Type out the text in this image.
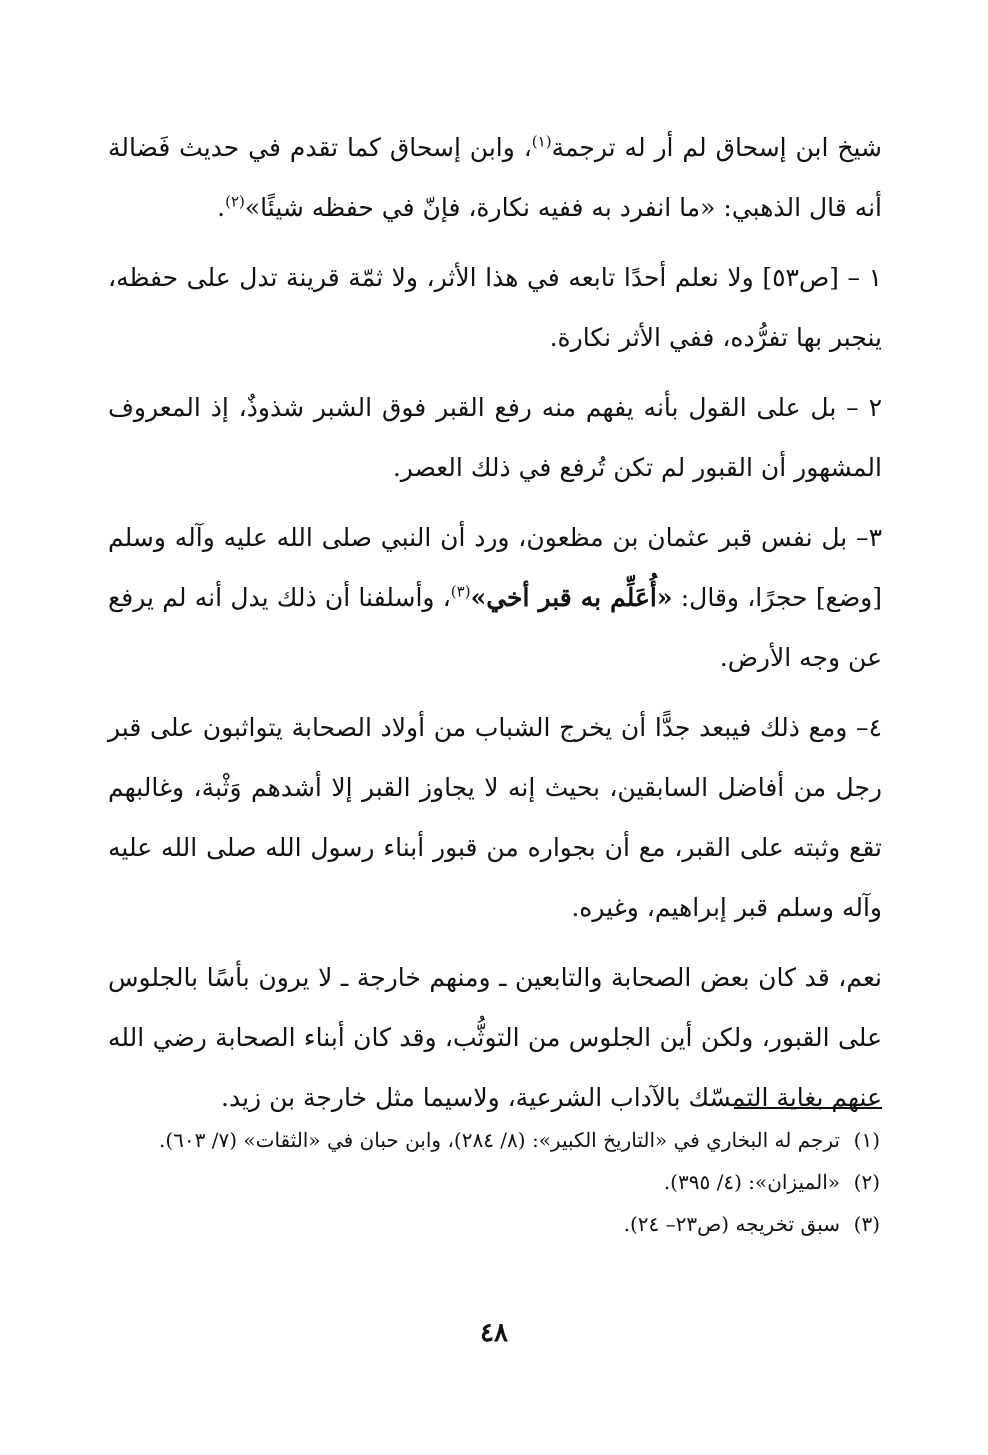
شيخ ابن إسحاق لم أر له ترجمة$^{(١)}$، وابن إسحاق كما تقدم في حديث فَضالة أنه قال الذهبي: «ما انفرد به ففيه نكارة، فإنّ في حفظه شيئًا»$^{(٢)}$.

١ – [ص٥٣] ولا نعلم أحدًا تابعه في هذا الأثر، ولا ثمّة قرينة تدل على حفظه، ينجبر بها تفرُّده، ففي الأثر نكارة.

٢ – بل على القول بأنه يفهم منه رفع القبر فوق الشبر شذوذٌ، إذ المعروف المشهور أن القبور لم تكن تُرفع في ذلك العصر.

٣– بل نفس قبر عثمان بن مظعون، ورد أن النبي صلى الله عليه وآله وسلم [وضع] حجرًا، وقال: «أُعَلِّم به قبر أخي»$^{(٣)}$، وأسلفنا أن ذلك يدل أنه لم يرفع عن وجه الأرض.

٤– ومع ذلك فيبعد جدًّا أن يخرج الشباب من أولاد الصحابة يتواثبون على قبر رجل من أفاضل السابقين، بحيث إنه لا يجاوز القبر إلا أشدهم وَثْبة، وغالبهم تقع وثبته على القبر، مع أن بجواره من قبور أبناء رسول الله صلى الله عليه وآله وسلم قبر إبراهيم، وغيره.

نعم، قد كان بعض الصحابة والتابعين ـ ومنهم خارجة ـ لا يرون بأسًا بالجلوس على القبور، ولكن أين الجلوس من التوثُّب، وقد كان أبناء الصحابة رضي الله عنهم بغاية التمسّك بالآداب الشرعية، ولاسيما مثل خارجة بن زيد.

(١)
ترجم له البخاري في «التاريخ الكبير»: (٨/ ٢٨٤)، وابن حبان في «الثقات» (٧/ ٦٠٣).
(٢)
«الميزان»: (٤/ ٣٩٥).
(٣)
سبق تخريجه (ص٢٣– ٢٤).
٤٨
